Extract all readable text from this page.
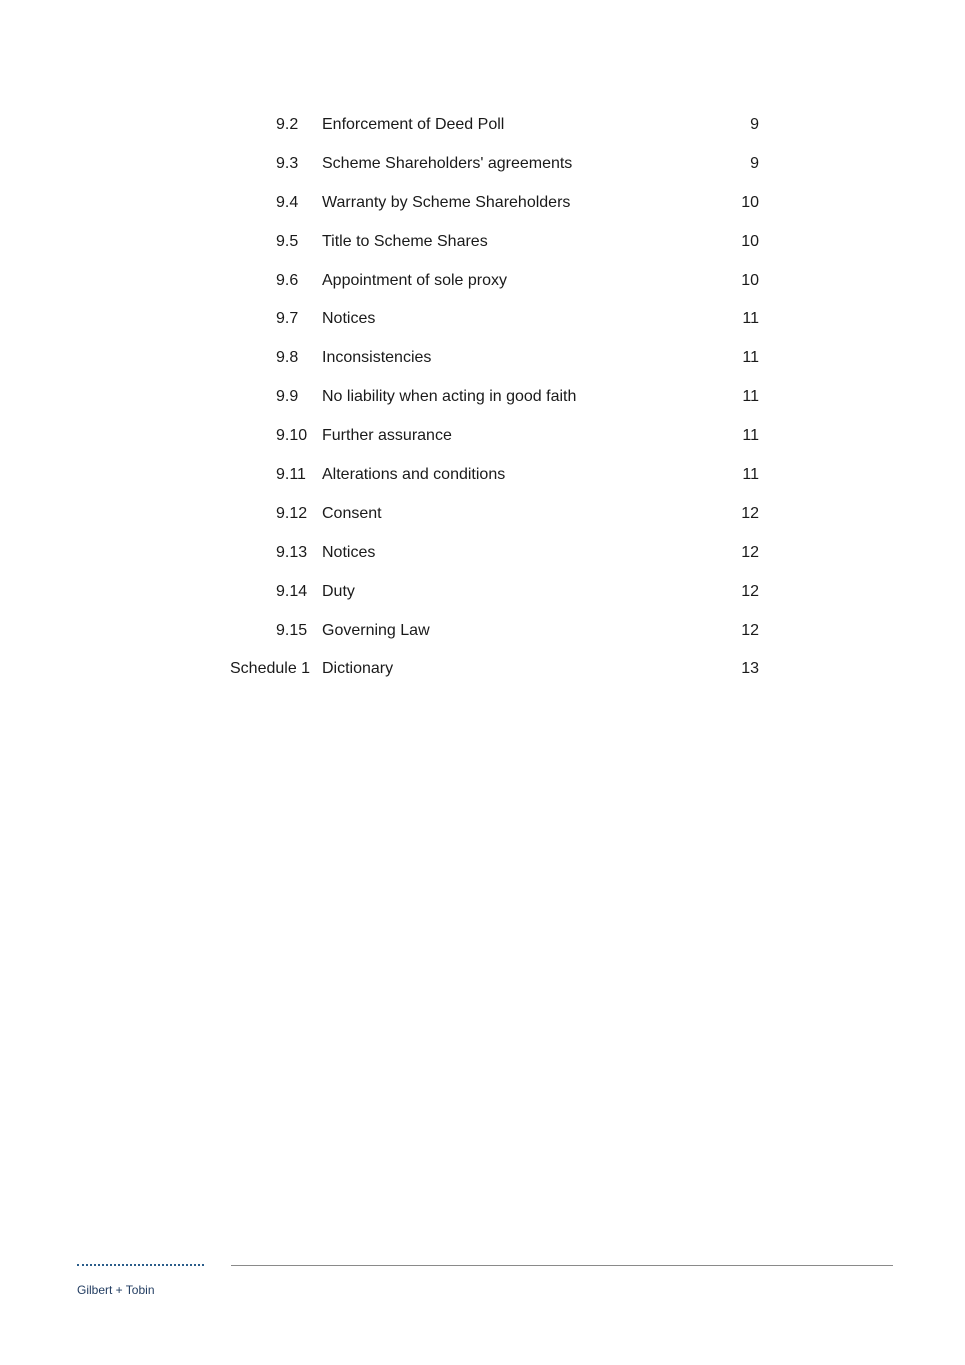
9.2 Enforcement of Deed Poll	9
9.3 Scheme Shareholders' agreements	9
9.4 Warranty by Scheme Shareholders	10
9.5 Title to Scheme Shares	10
9.6 Appointment of sole proxy	10
9.7 Notices	11
9.8 Inconsistencies	11
9.9 No liability when acting in good faith	11
9.10 Further assurance	11
9.11 Alterations and conditions	11
9.12 Consent	12
9.13 Notices	12
9.14 Duty	12
9.15 Governing Law	12
Schedule 1 Dictionary	13
Gilbert + Tobin
